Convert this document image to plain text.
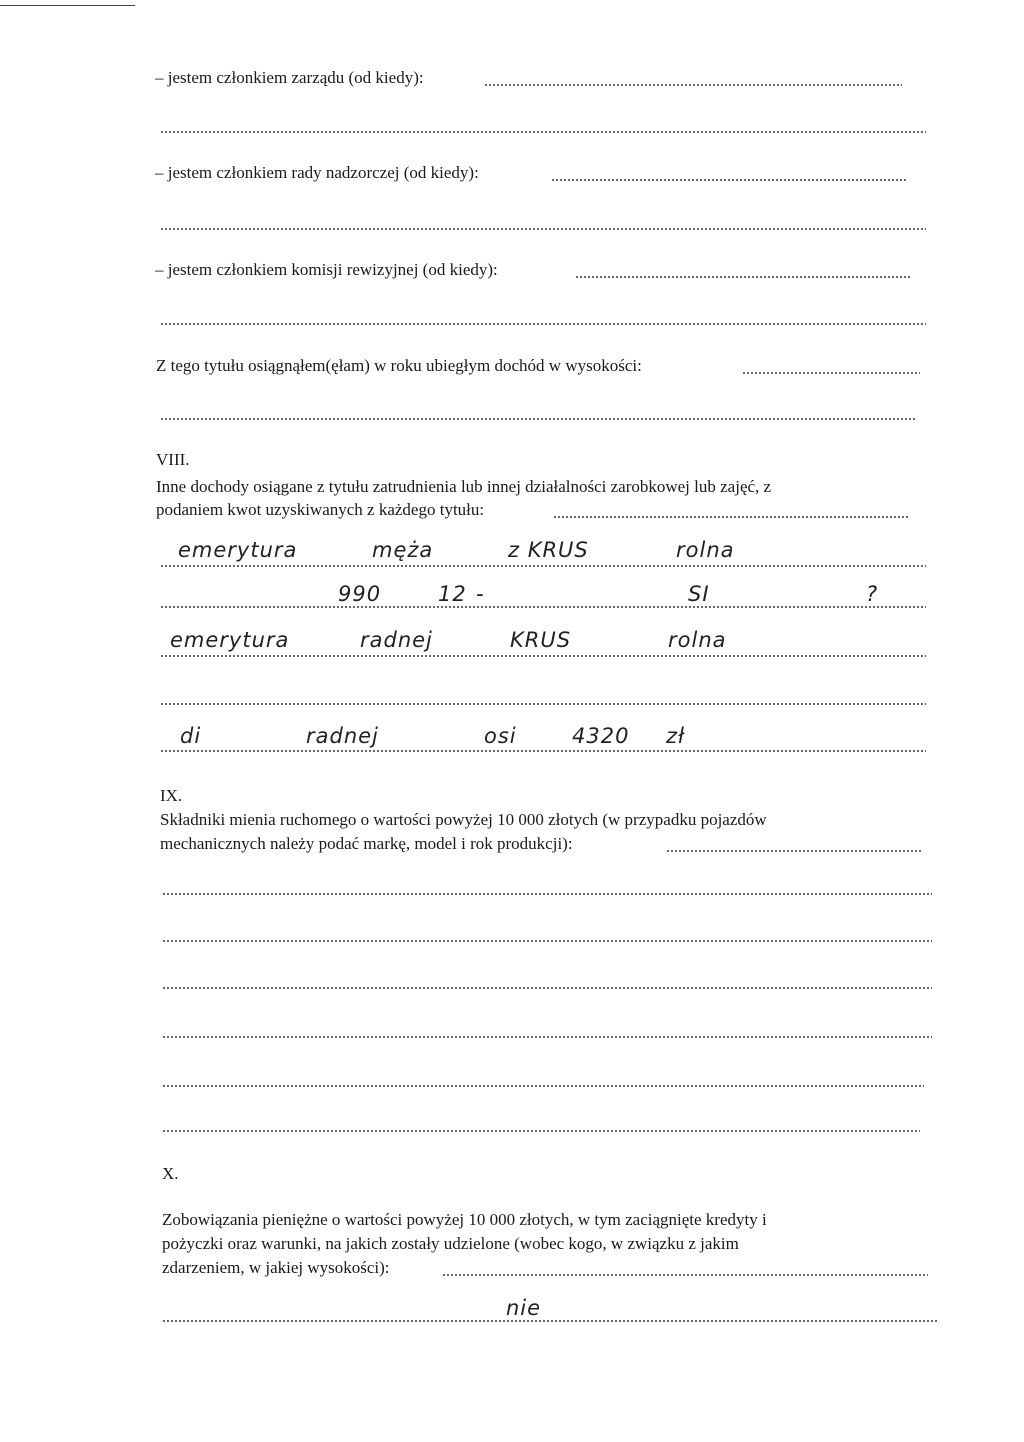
– jestem członkiem zarządu (od kiedy):
– jestem członkiem rady nadzorczej (od kiedy):
– jestem członkiem komisji rewizyjnej (od kiedy):
Z tego tytułu osiągnąłem(ęłam) w roku ubiegłym dochód w wysokości:
VIII.
Inne dochody osiągane z tytułu zatrudnienia lub innej działalności zarobkowej lub zajęć, z
podaniem kwot uzyskiwanych z każdego tytułu:
emerytura	męża	z KRUS	rolna
990	12 -	SI	?
emerytura	radnej	KRUS	rolna
di	radnej	osi	4320 zł
IX.
Składniki mienia ruchomego o wartości powyżej 10 000 złotych (w przypadku pojazdów
mechanicznych należy podać markę, model i rok produkcji):
X.
Zobowiązania pieniężne o wartości powyżej 10 000 złotych, w tym zaciągnięte kredyty i
pożyczki oraz warunki, na jakich zostały udzielone (wobec kogo, w związku z jakim
zdarzeniem, w jakiej wysokości):
nie
